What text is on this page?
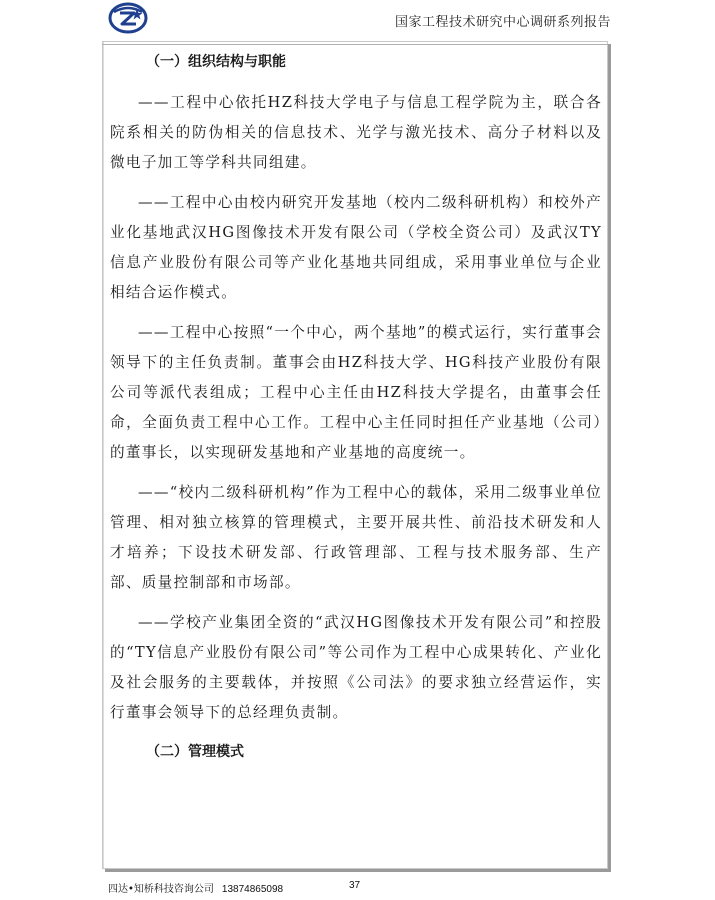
国家工程技术研究中心调研系列报告
（一）组织结构与职能

——工程中心依托HZ科技大学电子与信息工程学院为主，联合各院系相关的防伪相关的信息技术、光学与激光技术、高分子材料以及微电子加工等学科共同组建。

——工程中心由校内研究开发基地（校内二级科研机构）和校外产业化基地武汉HG图像技术开发有限公司（学校全资公司）及武汉TY信息产业股份有限公司等产业化基地共同组成，采用事业单位与企业相结合运作模式。

——工程中心按照“一个中心，两个基地”的模式运行，实行董事会领导下的主任负责制。董事会由HZ科技大学、HG科技产业股份有限公司等派代表组成；工程中心主任由HZ科技大学提名，由董事会任命，全面负责工程中心工作。工程中心主任同时担任产业基地（公司）的董事长，以实现研发基地和产业基地的高度统一。

——“校内二级科研机构”作为工程中心的载体，采用二级事业单位管理、相对独立核算的管理模式，主要开展共性、前沿技术研发和人才培养；下设技术研发部、行政管理部、工程与技术服务部、生产部、质量控制部和市场部。

——学校产业集团全资的“武汉HG图像技术开发有限公司”和控股的“TY信息产业股份有限公司”等公司作为工程中心成果转化、产业化及社会服务的主要载体，并按照《公司法》的要求独立经营运作，实行董事会领导下的总经理负责制。

（二）管理模式
四达•知桥科技咨询公司 13874865098	37
